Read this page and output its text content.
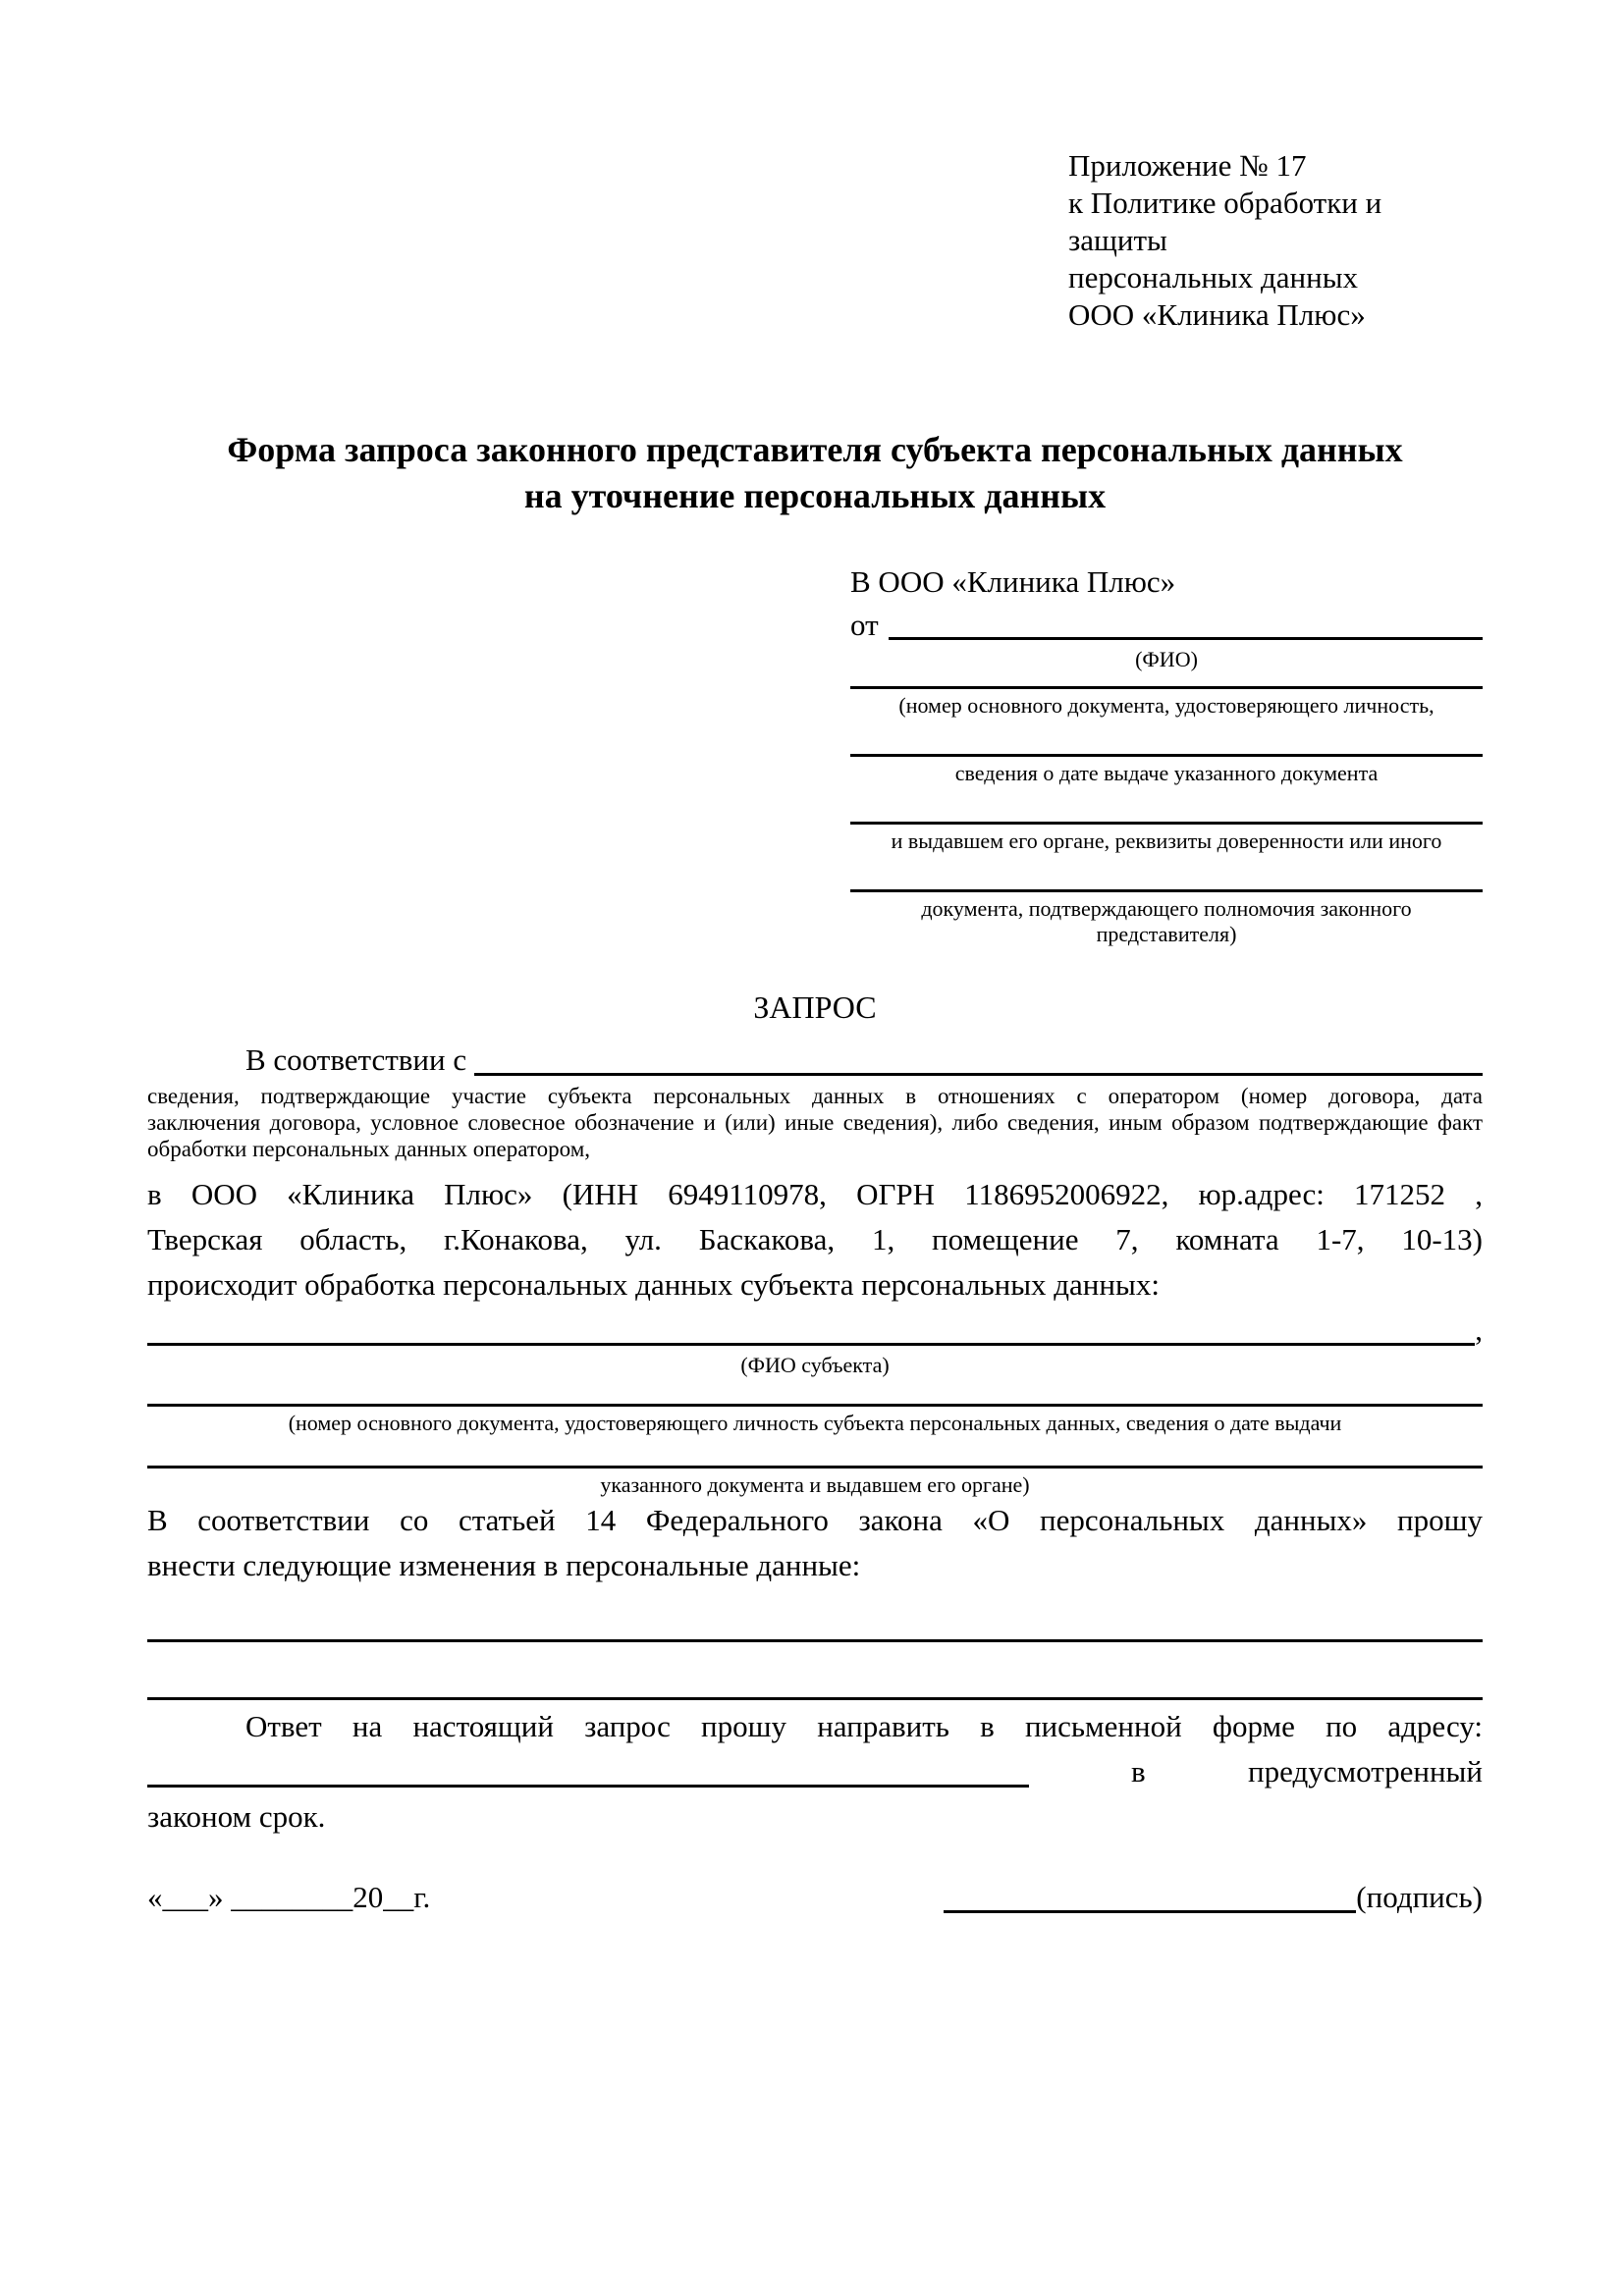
Приложение № 17
к Политике обработки и защиты
персональных данных
ООО «Клиника Плюс»
Форма запроса законного представителя субъекта персональных данных
на уточнение персональных данных
В ООО «Клиника Плюс»
от
(ФИО)
(номер основного документа, удостоверяющего личность,
сведения о дате выдаче указанного документа
и выдавшем его органе, реквизиты доверенности или иного
документа, подтверждающего полномочия законного представителя)
ЗАПРОС
В соответствии с
сведения, подтверждающие участие субъекта персональных данных в отношениях с оператором (номер договора, дата
заключения договора, условное словесное обозначение и (или) иные сведения), либо сведения, иным образом подтверждающие факт
обработки персональных данных оператором,
в ООО «Клиника Плюс» (ИНН 6949110978, ОГРН 1186952006922, юр.адрес: 171252 ,
Тверская область, г.Конакова, ул. Баскакова, 1, помещение 7, комната 1-7, 10-13)
происходит обработка персональных данных субъекта персональных данных:
,
(ФИО субъекта)
(номер основного документа, удостоверяющего личность субъекта персональных данных, сведения о дате выдачи
указанного документа и выдавшем его органе)
В соответствии со статьей 14 Федерального закона «О персональных данных» прошу
внести следующие изменения в персональные данные:
Ответ на настоящий запрос прошу направить в письменной форме по адресу:
в	предусмотренный
законом срок.
«___» ________20__г.	(подпись)
